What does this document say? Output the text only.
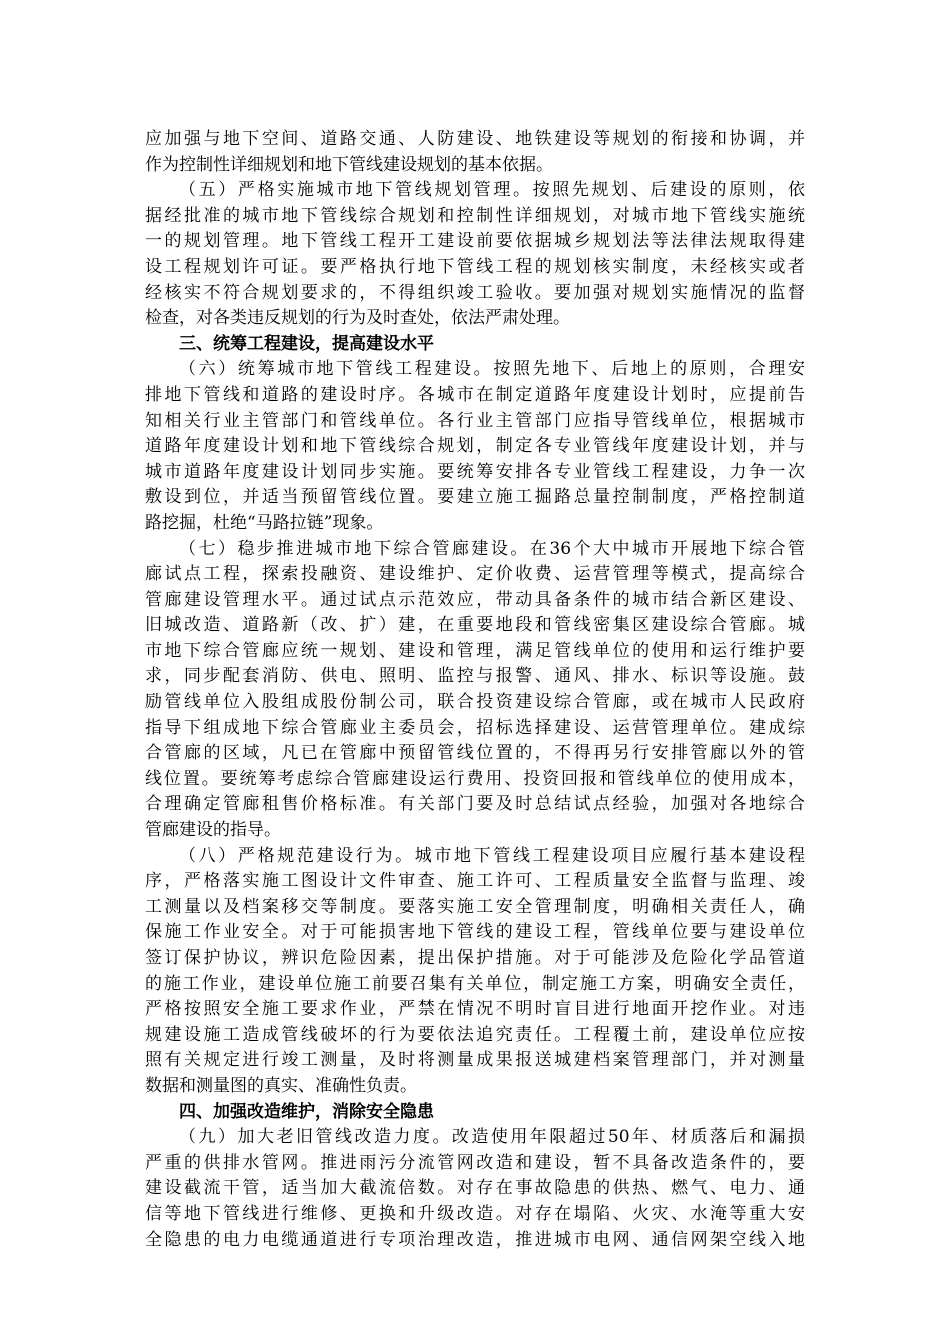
应加强与地下空间、道路交通、人防建设、地铁建设等规划的衔接和协调，并
作为控制性详细规划和地下管线建设规划的基本依据。
（五）严格实施城市地下管线规划管理。按照先规划、后建设的原则，依
据经批准的城市地下管线综合规划和控制性详细规划，对城市地下管线实施统
一的规划管理。地下管线工程开工建设前要依据城乡规划法等法律法规取得建
设工程规划许可证。要严格执行地下管线工程的规划核实制度，未经核实或者
经核实不符合规划要求的，不得组织竣工验收。要加强对规划实施情况的监督
检查，对各类违反规划的行为及时查处，依法严肃处理。
三、统筹工程建设，提高建设水平
（六）统筹城市地下管线工程建设。按照先地下、后地上的原则，合理安
排地下管线和道路的建设时序。各城市在制定道路年度建设计划时，应提前告
知相关行业主管部门和管线单位。各行业主管部门应指导管线单位，根据城市
道路年度建设计划和地下管线综合规划，制定各专业管线年度建设计划，并与
城市道路年度建设计划同步实施。要统筹安排各专业管线工程建设，力争一次
敷设到位，并适当预留管线位置。要建立施工掘路总量控制制度，严格控制道
路挖掘，杜绝“马路拉链”现象。
（七）稳步推进城市地下综合管廊建设。在36个大中城市开展地下综合管
廊试点工程，探索投融资、建设维护、定价收费、运营管理等模式，提高综合
管廊建设管理水平。通过试点示范效应，带动具备条件的城市结合新区建设、
旧城改造、道路新（改、扩）建，在重要地段和管线密集区建设综合管廊。城
市地下综合管廊应统一规划、建设和管理，满足管线单位的使用和运行维护要
求，同步配套消防、供电、照明、监控与报警、通风、排水、标识等设施。鼓
励管线单位入股组成股份制公司，联合投资建设综合管廊，或在城市人民政府
指导下组成地下综合管廊业主委员会，招标选择建设、运营管理单位。建成综
合管廊的区域，凡已在管廊中预留管线位置的，不得再另行安排管廊以外的管
线位置。要统筹考虑综合管廊建设运行费用、投资回报和管线单位的使用成本，
合理确定管廊租售价格标准。有关部门要及时总结试点经验，加强对各地综合
管廊建设的指导。
（八）严格规范建设行为。城市地下管线工程建设项目应履行基本建设程
序，严格落实施工图设计文件审查、施工许可、工程质量安全监督与监理、竣
工测量以及档案移交等制度。要落实施工安全管理制度，明确相关责任人，确
保施工作业安全。对于可能损害地下管线的建设工程，管线单位要与建设单位
签订保护协议，辨识危险因素，提出保护措施。对于可能涉及危险化学品管道
的施工作业，建设单位施工前要召集有关单位，制定施工方案，明确安全责任，
严格按照安全施工要求作业，严禁在情况不明时盲目进行地面开挖作业。对违
规建设施工造成管线破坏的行为要依法追究责任。工程覆土前，建设单位应按
照有关规定进行竣工测量，及时将测量成果报送城建档案管理部门，并对测量
数据和测量图的真实、准确性负责。
四、加强改造维护，消除安全隐患
（九）加大老旧管线改造力度。改造使用年限超过50年、材质落后和漏损
严重的供排水管网。推进雨污分流管网改造和建设，暂不具备改造条件的，要
建设截流干管，适当加大截流倍数。对存在事故隐患的供热、燃气、电力、通
信等地下管线进行维修、更换和升级改造。对存在塌陷、火灾、水淹等重大安
全隐患的电力电缆通道进行专项治理改造，推进城市电网、通信网架空线入地
